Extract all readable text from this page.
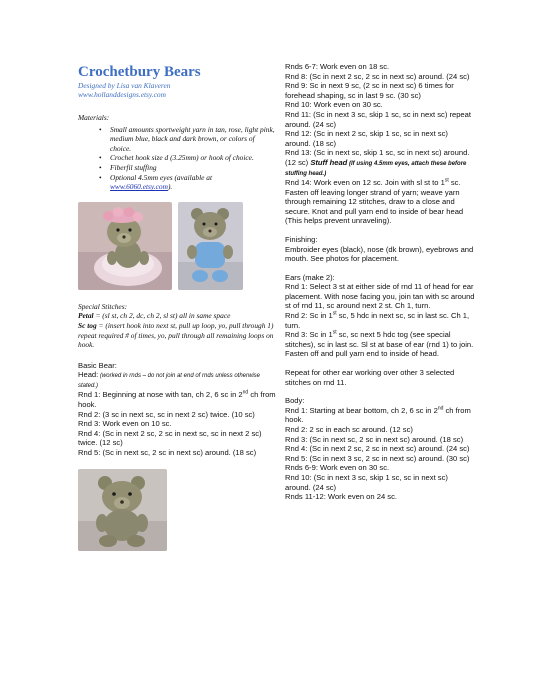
Crochetbury Bears
Designed by Lisa van Klaveren
www.hollanddesigns.etsy.com
Materials:
• Small amounts sportweight yarn in tan, rose, light pink, medium blue, black and dark brown, or colors of choice.
• Crochet hook size d (3.25mm) or hook of choice.
• Fiberfil stuffing
• Optional 4.5mm eyes (available at www.6060.etsy.com).
Special Stitches:
Petal = (sl st, ch 2, dc, ch 2, sl st) all in same space
Sc tog = (insert hook into next st, pull up loop, yo, pull through 1) repeat required # of times, yo, pull through all remaining loops on hook.
Basic Bear:
Head: (worked in rnds – do not join at end of rnds unless otherwise stated.)
Rnd 1: Beginning at nose with tan, ch 2, 6 sc in 2nd ch from hook.
Rnd 2: (3 sc in next sc, sc in next 2 sc) twice. (10 sc)
Rnd 3: Work even on 10 sc.
Rnd 4: (Sc in next 2 sc, 2 sc in next sc, sc in next 2 sc) twice. (12 sc)
Rnd 5: (Sc in next sc, 2 sc in next sc) around. (18 sc)
Rnds 6-7: Work even on 18 sc.
Rnd 8: (Sc in next 2 sc, 2 sc in next sc) around. (24 sc)
Rnd 9: Sc in next 9 sc, (2 sc in next sc) 6 times for forehead shaping, sc in last 9 sc. (30 sc)
Rnd 10: Work even on 30 sc.
Rnd 11: (Sc in next 3 sc, skip 1 sc, sc in next sc) repeat around. (24 sc)
Rnd 12: (Sc in next 2 sc, skip 1 sc, sc in next sc) around. (18 sc)
Rnd 13: (Sc in next sc, skip 1 sc, sc in next sc) around. (12 sc) Stuff head (If using 4.5mm eyes, attach these before stuffing head.)
Rnd 14: Work even on 12 sc. Join with sl st to 1st sc. Fasten off leaving longer strand of yarn; weave yarn through remaining 12 stitches, draw to a close and secure. Knot and pull yarn end to inside of bear head (This helps prevent unraveling).
Finishing:
Embroider eyes (black), nose (dk brown), eyebrows and mouth. See photos for placement.
Ears (make 2):
Rnd 1: Select 3 st at either side of rnd 11 of head for ear placement. With nose facing you, join tan with sc around st of rnd 11, sc around next 2 st. Ch 1, turn.
Rnd 2: Sc in 1st sc, 5 hdc in next sc, sc in last sc. Ch 1, turn.
Rnd 3: Sc in 1st sc, sc next 5 hdc tog (see special stitches), sc in last sc. Sl st at base of ear (rnd 1) to join. Fasten off and pull yarn end to inside of head.
Repeat for other ear working over other 3 selected stitches on rnd 11.
Body:
Rnd 1: Starting at bear bottom, ch 2, 6 sc in 2nd ch from hook.
Rnd 2: 2 sc in each sc around. (12 sc)
Rnd 3: (Sc in next sc, 2 sc in next sc) around. (18 sc)
Rnd 4: (Sc in next 2 sc, 2 sc in next sc) around. (24 sc)
Rnd 5: (Sc in next 3 sc, 2 sc in next sc) around. (30 sc)
Rnds 6-9: Work even on 30 sc.
Rnd 10: (Sc in next 3 sc, skip 1 sc, sc in next sc) around. (24 sc)
Rnds 11-12: Work even on 24 sc.
